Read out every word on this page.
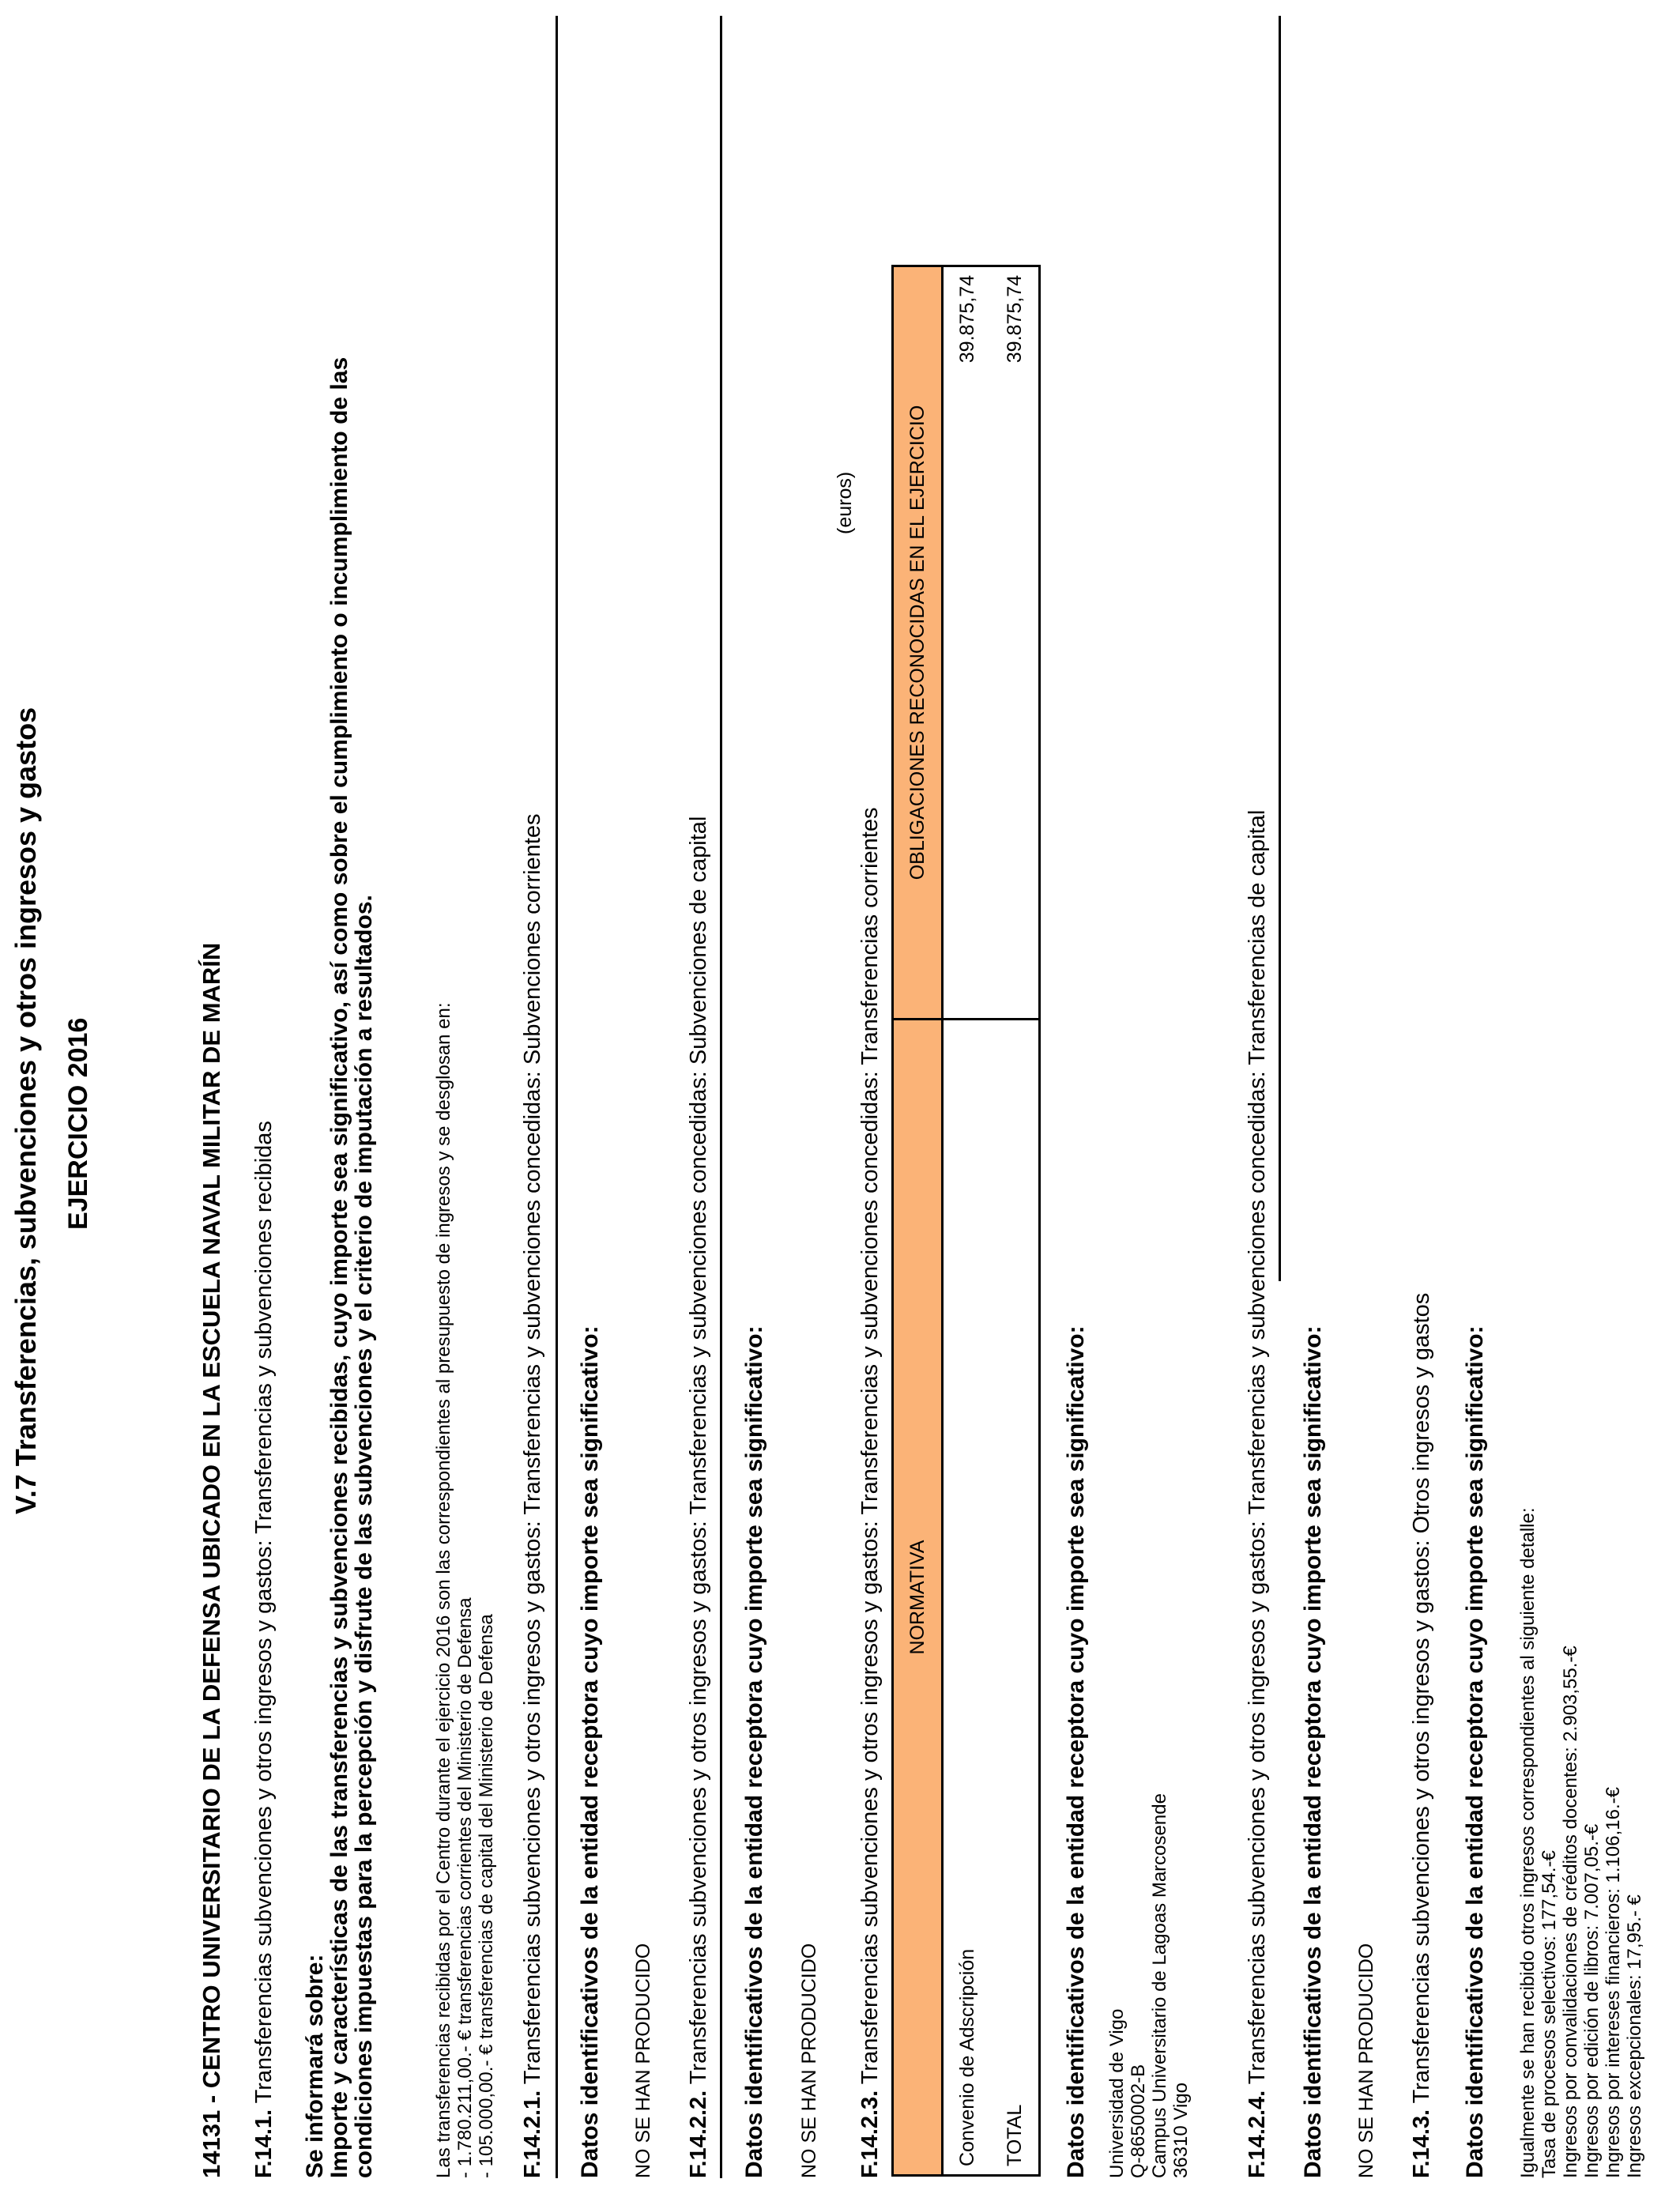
V.7 Transferencias, subvenciones y otros ingresos y gastos EJERCICIO 2016	14131 - CENTRO UNIVERSITARIO DE LA DEFENSA UBICADO EN LA ESCUELA NAVAL MILITAR DE MARÍN F.14.1. Transferencias subvenciones y otros ingresos y gastos: Transferencias y subvenciones recibidas Se informará sobre:
Importe y características de las transferencias y subvenciones recibidas, cuyo importe sea significativo, así como sobre el cumplimiento o incumplimiento de las
condiciones impuestas para la percepción y disfrute de las subvenciones y el criterio de imputación a resultados.	Las transferencias recibidas por el Centro durante el ejercicio 2016 son las correspondientes al presupuesto de ingresos y se desglosan en: - 1.780.211,00.- € transferencias corrientes del Ministerio de Defensa - 105.000,00.- € transferencias de capital del Ministerio de Defensa F.14.2.1. Transferencias subvenciones y otros ingresos y gastos: Transferencias y subvenciones concedidas: Subvenciones corrientes Datos identificativos de la entidad receptora cuyo importe sea significativo: NO SE HAN PRODUCIDO F.14.2.2. Transferencias subvenciones y otros ingresos y gastos: Transferencias y subvenciones concedidas: Subvenciones de capital Datos identificativos de la entidad receptora cuyo importe sea significativo: NO SE HAN PRODUCIDO
(euros)
F.14.2.3. Transferencias subvenciones y otros ingresos y gastos: Transferencias y subvenciones concedidas: Transferencias corrientes NORMATIVA	OBLIGACIONES RECONOCIDAS EN EL EJERCICIO
Convenio de Adscripción	39.875,74
TOTAL	39.875,74
Datos identificativos de la entidad receptora cuyo importe sea significativo: Universidad de Vigo Q-8650002-B Campus Universitario de Lagoas Marcosende 36310 Vigo F.14.2.4. Transferencias subvenciones y otros ingresos y gastos: Transferencias y subvenciones concedidas: Transferencias de capital Datos identificativos de la entidad receptora cuyo importe sea significativo: NO SE HAN PRODUCIDO F.14.3. Transferencias subvenciones y otros ingresos y gastos: Otros ingresos y gastos Datos identificativos de la entidad receptora cuyo importe sea significativo: Igualmente se han recibido otros ingresos correspondientes al siguiente detalle: Tasa de procesos selectivos: 177,54.-€ Ingresos por convalidaciones de créditos docentes: 2.903,55.-€ Ingresos por edición de libros: 7.007,05.-€ Ingresos por intereses financieros: 1.106,16.-€ Ingresos excepcionales: 17,95.- €
